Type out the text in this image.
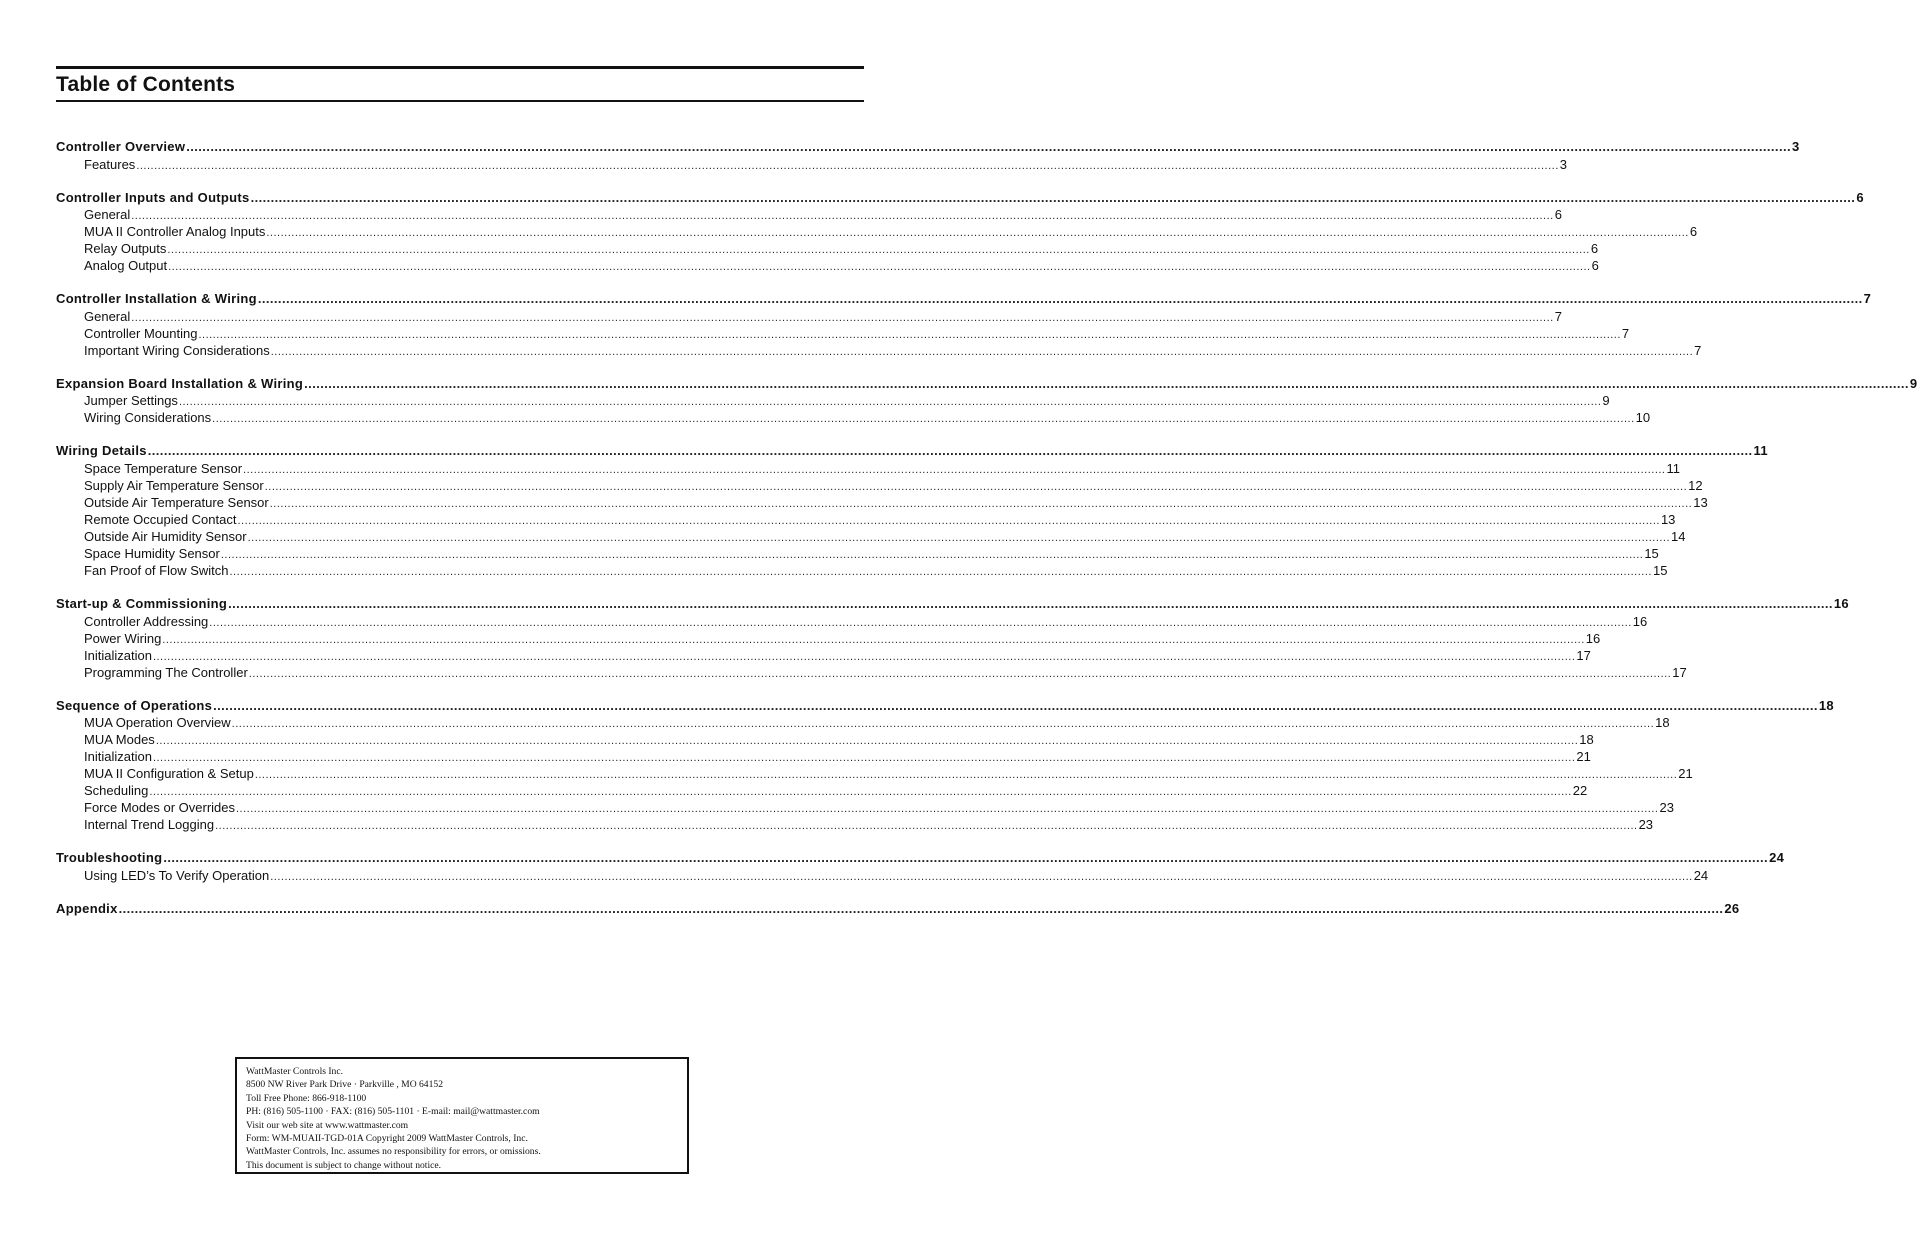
Table of Contents
Controller Overview ................................................................................................................................................................................................................................................................................................................................................................................................................ 3
Features ................................................................................................................................................................................................................................................................................................................................................................................................................ 3
Controller Inputs and Outputs ................................................................................................................................................................................................................................................................................................................................................................................................................ 6
General ................................................................................................................................................................................................................................................................................................................................................................................................................ 6
MUA II Controller Analog Inputs ................................................................................................................................................................................................................................................................................................................................................................................................................ 6
Relay Outputs ................................................................................................................................................................................................................................................................................................................................................................................................................ 6
Analog Output ................................................................................................................................................................................................................................................................................................................................................................................................................ 6
Controller Installation & Wiring ................................................................................................................................................................................................................................................................................................................................................................................................................ 7
General ................................................................................................................................................................................................................................................................................................................................................................................................................ 7
Controller Mounting ................................................................................................................................................................................................................................................................................................................................................................................................................ 7
Important Wiring Considerations ................................................................................................................................................................................................................................................................................................................................................................................................................ 7
Expansion Board Installation & Wiring ................................................................................................................................................................................................................................................................................................................................................................................................................ 9
Jumper Settings ................................................................................................................................................................................................................................................................................................................................................................................................................ 9
Wiring Considerations ................................................................................................................................................................................................................................................................................................................................................................................................................ 10
Wiring Details ................................................................................................................................................................................................................................................................................................................................................................................................................ 11
Space Temperature Sensor ................................................................................................................................................................................................................................................................................................................................................................................................................ 11
Supply Air Temperature Sensor ................................................................................................................................................................................................................................................................................................................................................................................................................ 12
Outside Air Temperature Sensor ................................................................................................................................................................................................................................................................................................................................................................................................................ 13
Remote Occupied Contact ................................................................................................................................................................................................................................................................................................................................................................................................................ 13
Outside Air Humidity Sensor ................................................................................................................................................................................................................................................................................................................................................................................................................ 14
Space Humidity Sensor ................................................................................................................................................................................................................................................................................................................................................................................................................ 15
Fan Proof of Flow Switch ................................................................................................................................................................................................................................................................................................................................................................................................................ 15
Start-up & Commissioning ................................................................................................................................................................................................................................................................................................................................................................................................................ 16
Controller Addressing ................................................................................................................................................................................................................................................................................................................................................................................................................ 16
Power Wiring ................................................................................................................................................................................................................................................................................................................................................................................................................ 16
Initialization ................................................................................................................................................................................................................................................................................................................................................................................................................ 17
Programming The Controller ................................................................................................................................................................................................................................................................................................................................................................................................................ 17
Sequence of Operations ................................................................................................................................................................................................................................................................................................................................................................................................................ 18
MUA Operation Overview ................................................................................................................................................................................................................................................................................................................................................................................................................ 18
MUA Modes ................................................................................................................................................................................................................................................................................................................................................................................................................ 18
Initialization ................................................................................................................................................................................................................................................................................................................................................................................................................ 21
MUA II Configuration & Setup ................................................................................................................................................................................................................................................................................................................................................................................................................ 21
Scheduling ................................................................................................................................................................................................................................................................................................................................................................................................................ 22
Force Modes or Overrides ................................................................................................................................................................................................................................................................................................................................................................................................................ 23
Internal Trend Logging ................................................................................................................................................................................................................................................................................................................................................................................................................ 23
Troubleshooting ................................................................................................................................................................................................................................................................................................................................................................................................................ 24
Using LED’s To Verify Operation ................................................................................................................................................................................................................................................................................................................................................................................................................ 24
Appendix ................................................................................................................................................................................................................................................................................................................................................................................................................ 26
WattMaster Controls Inc.
8500 NW River Park Drive · Parkville , MO 64152
Toll Free Phone: 866-918-1100
PH: (816) 505-1100 · FAX: (816) 505-1101 · E-mail: mail@wattmaster.com
Visit our web site at www.wattmaster.com
Form: WM-MUAII-TGD-01A Copyright 2009 WattMaster Controls, Inc.
WattMaster Controls, Inc. assumes no responsibility for errors, or omissions.
This document is subject to change without notice.
